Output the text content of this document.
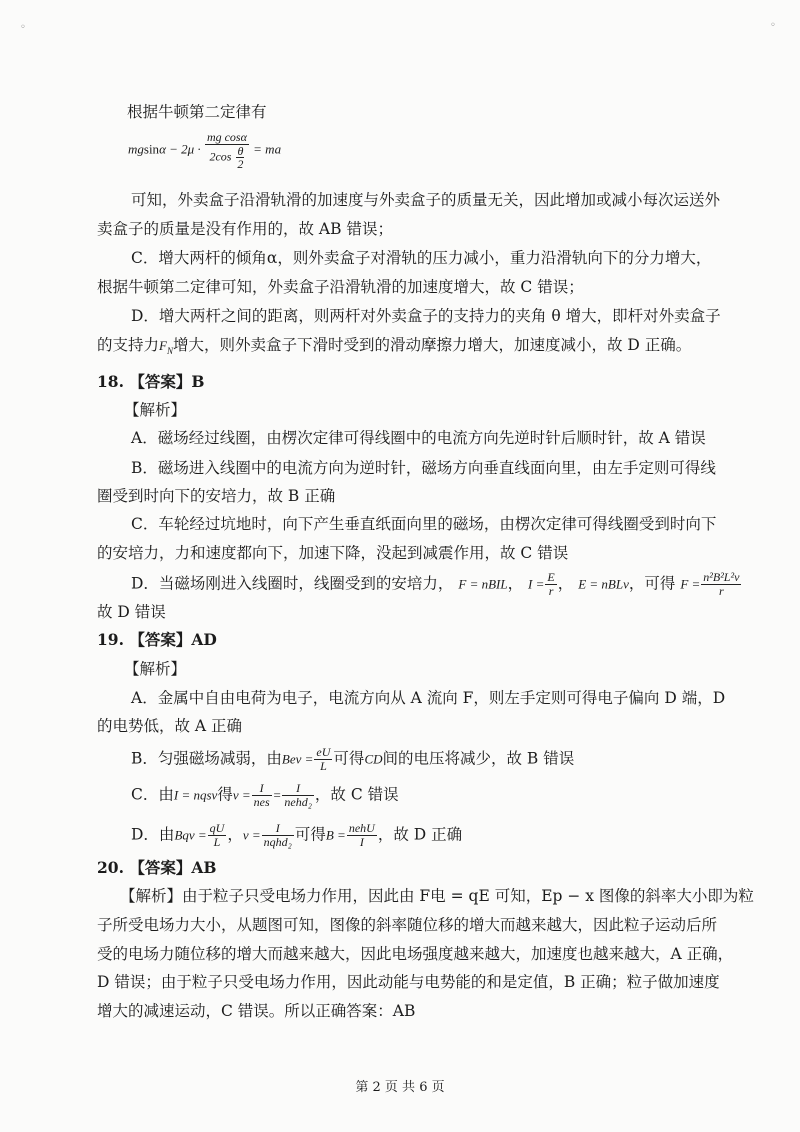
◦	◦
根据牛顿第二定律有
$mgsin\alpha - 2\mu \cdot \frac{\text{mg cosα}}{2\cos \frac{\theta}{2}}$ = ma
可知，外卖盒子沿滑轨滑的加速度与外卖盒子的质量无关，因此增加或减小每次运送外
卖盒子的质量是没有作用的，故 AB 错误；
C．增大两杆的倾角α，则外卖盒子对滑轨的压力减小，重力沿滑轨向下的分力增大，
根据牛顿第二定律可知，外卖盒子沿滑轨滑的加速度增大，故 C 错误；
D．增大两杆之间的距离，则两杆对外卖盒子的支持力的夹角 θ 增大，即杆对外卖盒子
的支持力$F_N$增大，则外卖盒子下滑时受到的滑动摩擦力增大，加速度减小，故 D 正确。
18. 【答案】B
【解析】
A．磁场经过线圈，由楞次定律可得线圈中的电流方向先逆时针后顺时针，故 A 错误
B．磁场进入线圈中的电流方向为逆时针，磁场方向垂直线面向里，由左手定则可得线
圈受到时向下的安培力，故 B 正确
C．车轮经过坑地时，向下产生垂直纸面向里的磁场，由楞次定律可得线圈受到时向下
的安培力，力和速度都向下，加速下降，没起到减震作用，故 C 错误
D．当磁场刚进入线圈时，线圈受到的安培力， F = nBIL， $I = \frac{E}{r}$ ， E = nBLv，可得 $F = \frac{\text{n²B²L²v}}{r}$
故 D 错误
19. 【答案】AD
【解析】
A．金属中自由电荷为电子，电流方向从 A 流向 F，则左手定则可得电子偏向 D 端，D
的电势低，故 A 正确
B．匀强磁场减弱，由Bev = $\frac{eU}{L}$ 可得CD间的电压将减少，故 B 错误
C．由I = nqsv得$v = \frac{I}{\text{nes}} = \frac{I}{\text{nehd₂}}$ ，故 C 错误
D．由Bqv = $\frac{qU}{L}$ ，$v = \frac{I}{\text{nqhd₂}}$ 可得$B = \frac{\text{nehU}}{I}$ ，故 D 正确
20. 【答案】AB
【解析】由于粒子只受电场力作用，因此由 F电 = qE 可知，Ep − x 图像的斜率大小即为粒
子所受电场力大小，从题图可知，图像的斜率随位移的增大而越来越大，因此粒子运动后所
受的电场力随位移的增大而越来越大，因此电场强度越来越大，加速度也越来越大，A 正确，
D 错误；由于粒子只受电场力作用，因此动能与电势能的和是定值，B 正确；粒子做加速度
增大的减速运动，C 错误。所以正确答案：AB
第 2 页 共 6 页
